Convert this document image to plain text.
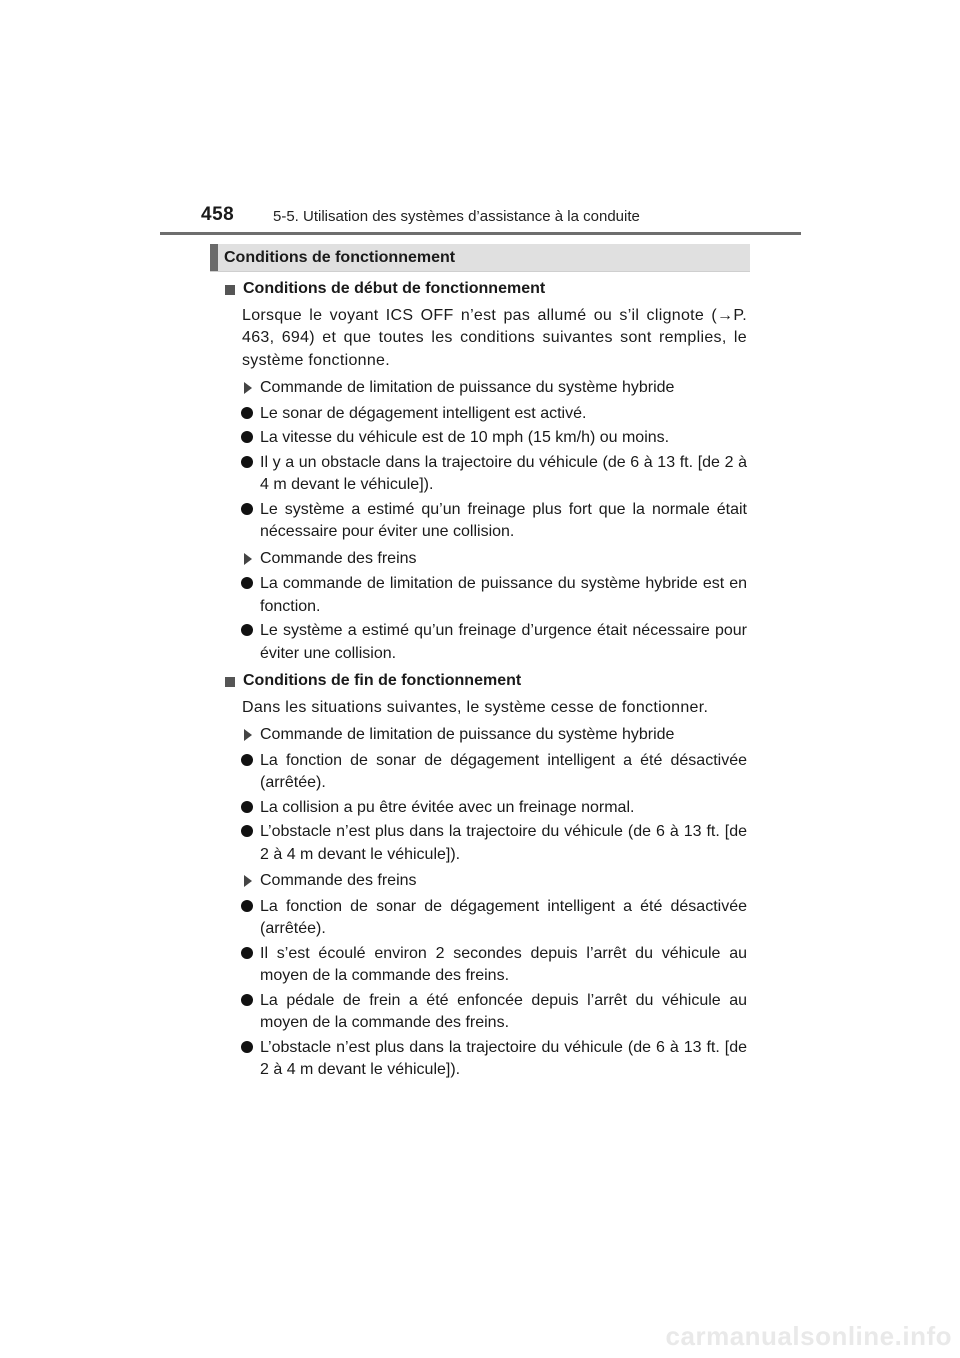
458	5-5. Utilisation des systèmes d’assistance à la conduite
Conditions de fonctionnement
Conditions de début de fonctionnement

Lorsque le voyant ICS OFF n’est pas allumé ou s’il clignote (→P. 463, 694) et que toutes les conditions suivantes sont remplies, le système fonctionne.

Commande de limitation de puissance du système hybride
Le sonar de dégagement intelligent est activé.
La vitesse du véhicule est de 10 mph (15 km/h) ou moins.
Il y a un obstacle dans la trajectoire du véhicule (de 6 à 13 ft. [de 2 à 4 m devant le véhicule]).
Le système a estimé qu’un freinage plus fort que la normale était nécessaire pour éviter une collision.
Commande des freins
La commande de limitation de puissance du système hybride est en fonction.
Le système a estimé qu’un freinage d’urgence était nécessaire pour éviter une collision.
Conditions de fin de fonctionnement

Dans les situations suivantes, le système cesse de fonctionner.

Commande de limitation de puissance du système hybride
La fonction de sonar de dégagement intelligent a été désactivée (arrêtée).
La collision a pu être évitée avec un freinage normal.
L’obstacle n’est plus dans la trajectoire du véhicule (de 6 à 13 ft. [de 2 à 4 m devant le véhicule]).
Commande des freins
La fonction de sonar de dégagement intelligent a été désactivée (arrêtée).
Il s’est écoulé environ 2 secondes depuis l’arrêt du véhicule au moyen de la commande des freins.
La pédale de frein a été enfoncée depuis l’arrêt du véhicule au moyen de la commande des freins.
L’obstacle n’est plus dans la trajectoire du véhicule (de 6 à 13 ft. [de 2 à 4 m devant le véhicule]).
carmanualsonline.info
